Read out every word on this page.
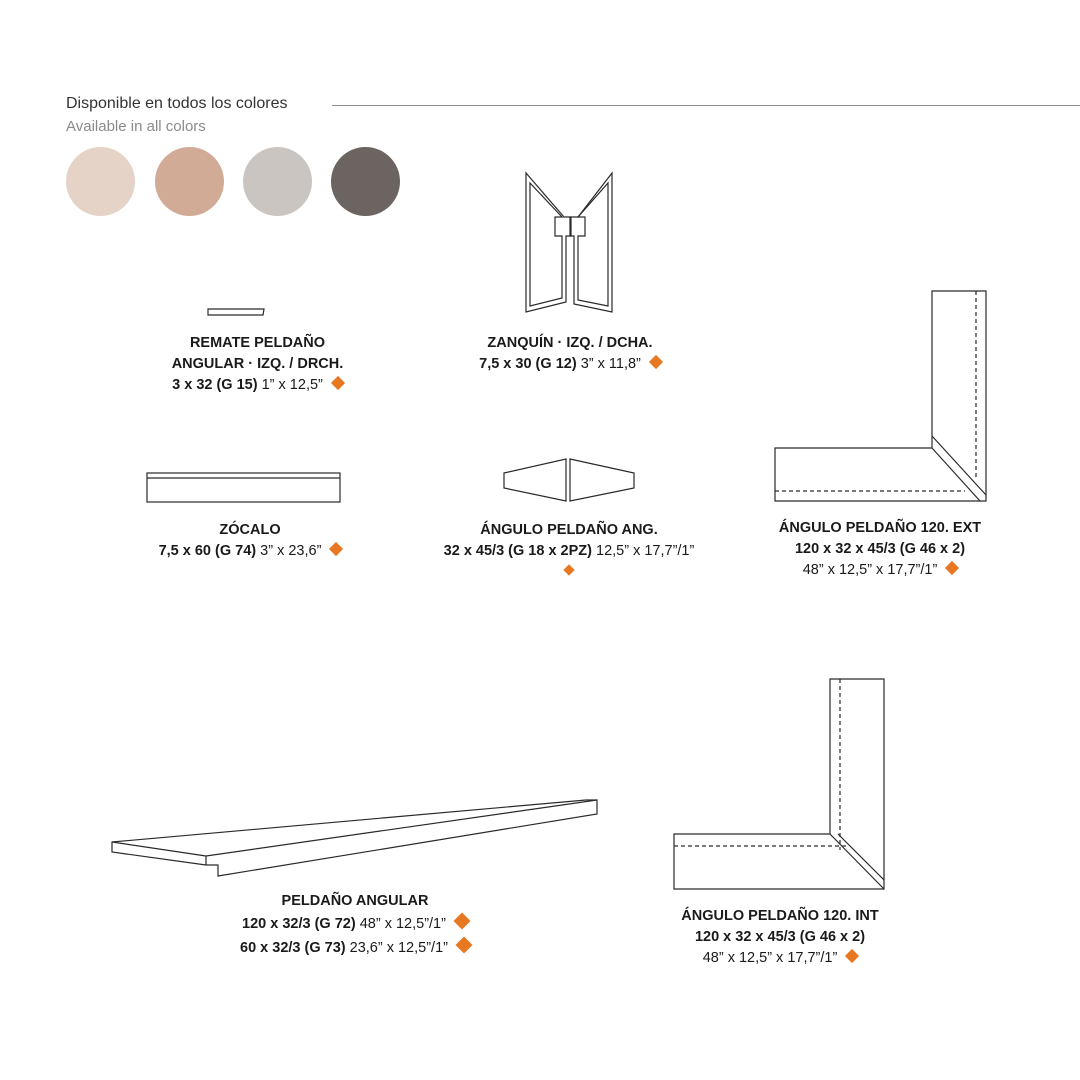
Disponible en todos los colores
Available in all colors
REMATE PELDAÑO
ANGULAR · IZQ. / DRCH.
3 x 32 (G 15) 1” x 12,5”
ZANQUÍN · IZQ. / DCHA.
7,5 x 30 (G 12) 3” x 11,8”
ZÓCALO
7,5 x 60 (G 74) 3” x 23,6”
ÁNGULO PELDAÑO ANG.
32 x 45/3 (G 18 x 2PZ) 12,5” x 17,7”/1”
ÁNGULO PELDAÑO 120. EXT
120 x 32 x 45/3 (G 46 x 2)
48” x 12,5” x 17,7”/1”
PELDAÑO ANGULAR
120 x 32/3 (G 72) 48” x 12,5”/1”
60 x 32/3 (G 73) 23,6” x 12,5”/1”
ÁNGULO PELDAÑO 120. INT
120 x 32 x 45/3 (G 46 x 2)
48” x 12,5” x 17,7”/1”
